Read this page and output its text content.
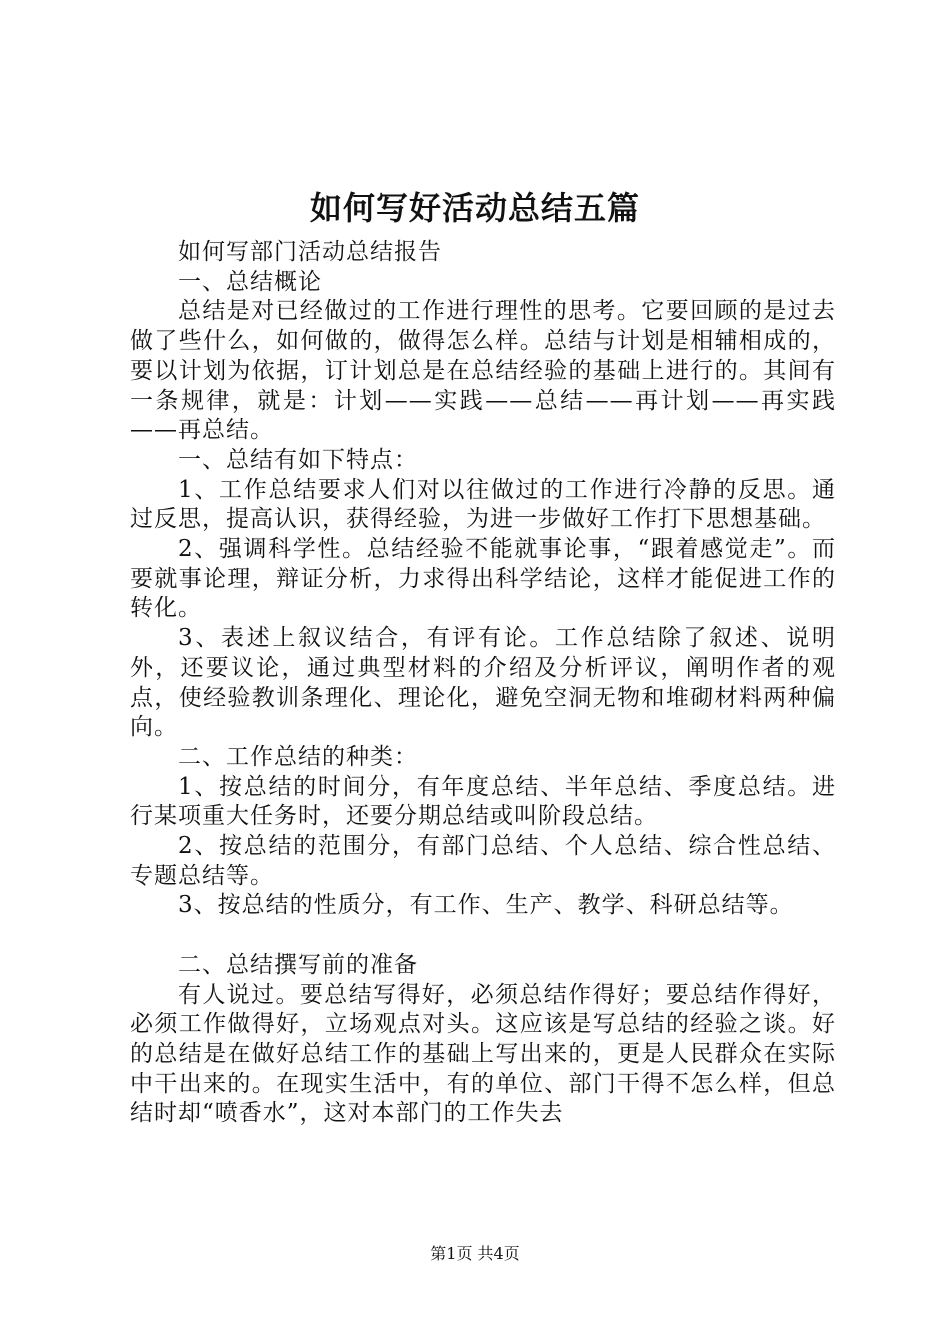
如何写好活动总结五篇

如何写部门活动总结报告

一、总结概论

总结是对已经做过的工作进行理性的思考。它要回顾的是过去做了些什么，如何做的，做得怎么样。总结与计划是相辅相成的，要以计划为依据，订计划总是在总结经验的基础上进行的。其间有一条规律，就是：计划——实践——总结——再计划——再实践——再总结。

一、总结有如下特点：

1、工作总结要求人们对以往做过的工作进行冷静的反思。通过反思，提高认识，获得经验，为进一步做好工作打下思想基础。

2、强调科学性。总结经验不能就事论事，“跟着感觉走”。而要就事论理，辩证分析，力求得出科学结论，这样才能促进工作的转化。

3、表述上叙议结合，有评有论。工作总结除了叙述、说明外，还要议论，通过典型材料的介绍及分析评议，阐明作者的观点，使经验教训条理化、理论化，避免空洞无物和堆砌材料两种偏向。

二、工作总结的种类：

1、按总结的时间分，有年度总结、半年总结、季度总结。进行某项重大任务时，还要分期总结或叫阶段总结。

2、按总结的范围分，有部门总结、个人总结、综合性总结、专题总结等。

3、按总结的性质分，有工作、生产、教学、科研总结等。

二、总结撰写前的准备

有人说过。要总结写得好，必须总结作得好；要总结作得好，必须工作做得好，立场观点对头。这应该是写总结的经验之谈。好的总结是在做好总结工作的基础上写出来的，更是人民群众在实际中干出来的。在现实生活中，有的单位、部门干得不怎么样，但总结时却“喷香水”，这对本部门的工作失去

第1页 共4页
